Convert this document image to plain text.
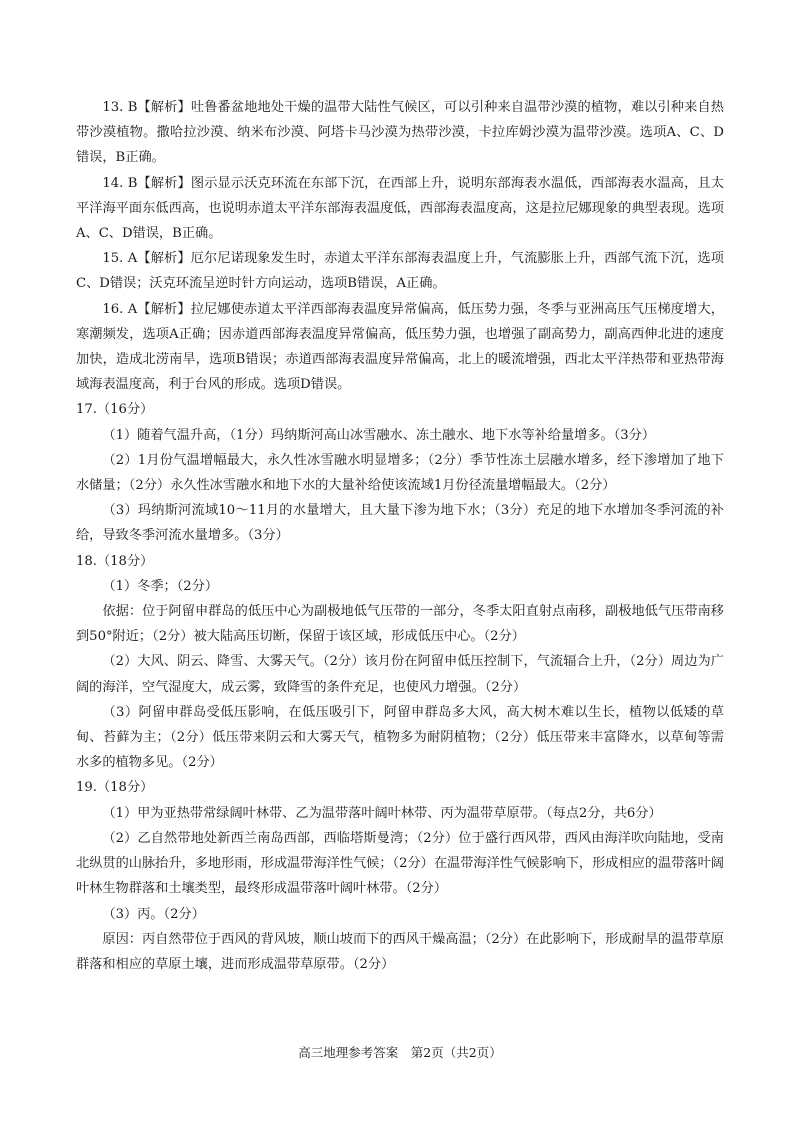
13. B【解析】吐鲁番盆地地处干燥的温带大陆性气候区，可以引种来自温带沙漠的植物，难以引种来自热带沙漠植物。撒哈拉沙漠、纳米布沙漠、阿塔卡马沙漠为热带沙漠，卡拉库姆沙漠为温带沙漠。选项A、C、D错误，B正确。

14. B【解析】图示显示沃克环流在东部下沉，在西部上升，说明东部海表水温低，西部海表水温高，且太平洋海平面东低西高，也说明赤道太平洋东部海表温度低，西部海表温度高，这是拉尼娜现象的典型表现。选项A、C、D错误，B正确。

15. A【解析】厄尔尼诺现象发生时，赤道太平洋东部海表温度上升，气流膨胀上升，西部气流下沉，选项C、D错误；沃克环流呈逆时针方向运动，选项B错误，A正确。

16. A【解析】拉尼娜使赤道太平洋西部海表温度异常偏高，低压势力强，冬季与亚洲高压气压梯度增大，寒潮频发，选项A正确；因赤道西部海表温度异常偏高，低压势力强，也增强了副高势力，副高西伸北进的速度加快，造成北涝南旱，选项B错误；赤道西部海表温度异常偏高，北上的暖流增强，西北太平洋热带和亚热带海域海表温度高，利于台风的形成。选项D错误。

17.（16分）

（1）随着气温升高，（1分）玛纳斯河高山冰雪融水、冻土融水、地下水等补给量增多。（3分）

（2）1月份气温增幅最大，永久性冰雪融水明显增多；（2分）季节性冻土层融水增多，经下渗增加了地下水储量；（2分）永久性冰雪融水和地下水的大量补给使该流域1月份径流量增幅最大。（2分）

（3）玛纳斯河流域10～11月的水量增大，且大量下渗为地下水；（3分）充足的地下水增加冬季河流的补给，导致冬季河流水量增多。（3分）

18.（18分）

（1）冬季；（2分）

依据：位于阿留申群岛的低压中心为副极地低气压带的一部分，冬季太阳直射点南移，副极地低气压带南移到50°附近；（2分）被大陆高压切断，保留于该区域，形成低压中心。（2分）

（2）大风、阴云、降雪、大雾天气。（2分）该月份在阿留申低压控制下，气流辐合上升，（2分）周边为广阔的海洋，空气湿度大，成云雾，致降雪的条件充足，也使风力增强。（2分）

（3）阿留申群岛受低压影响，在低压吸引下，阿留申群岛多大风，高大树木难以生长，植物以低矮的草甸、苔藓为主；（2分）低压带来阴云和大雾天气，植物多为耐阴植物；（2分）低压带来丰富降水，以草甸等需水多的植物多见。（2分）

19.（18分）

（1）甲为亚热带常绿阔叶林带、乙为温带落叶阔叶林带、丙为温带草原带。（每点2分，共6分）

（2）乙自然带地处新西兰南岛西部，西临塔斯曼湾；（2分）位于盛行西风带，西风由海洋吹向陆地，受南北纵贯的山脉抬升，多地形雨，形成温带海洋性气候；（2分）在温带海洋性气候影响下，形成相应的温带落叶阔叶林生物群落和土壤类型，最终形成温带落叶阔叶林带。（2分）

（3）丙。（2分）

原因：丙自然带位于西风的背风坡，顺山坡而下的西风干燥高温；（2分）在此影响下，形成耐旱的温带草原群落和相应的草原土壤，进而形成温带草原带。（2分）

高三地理参考答案　第2页（共2页）
